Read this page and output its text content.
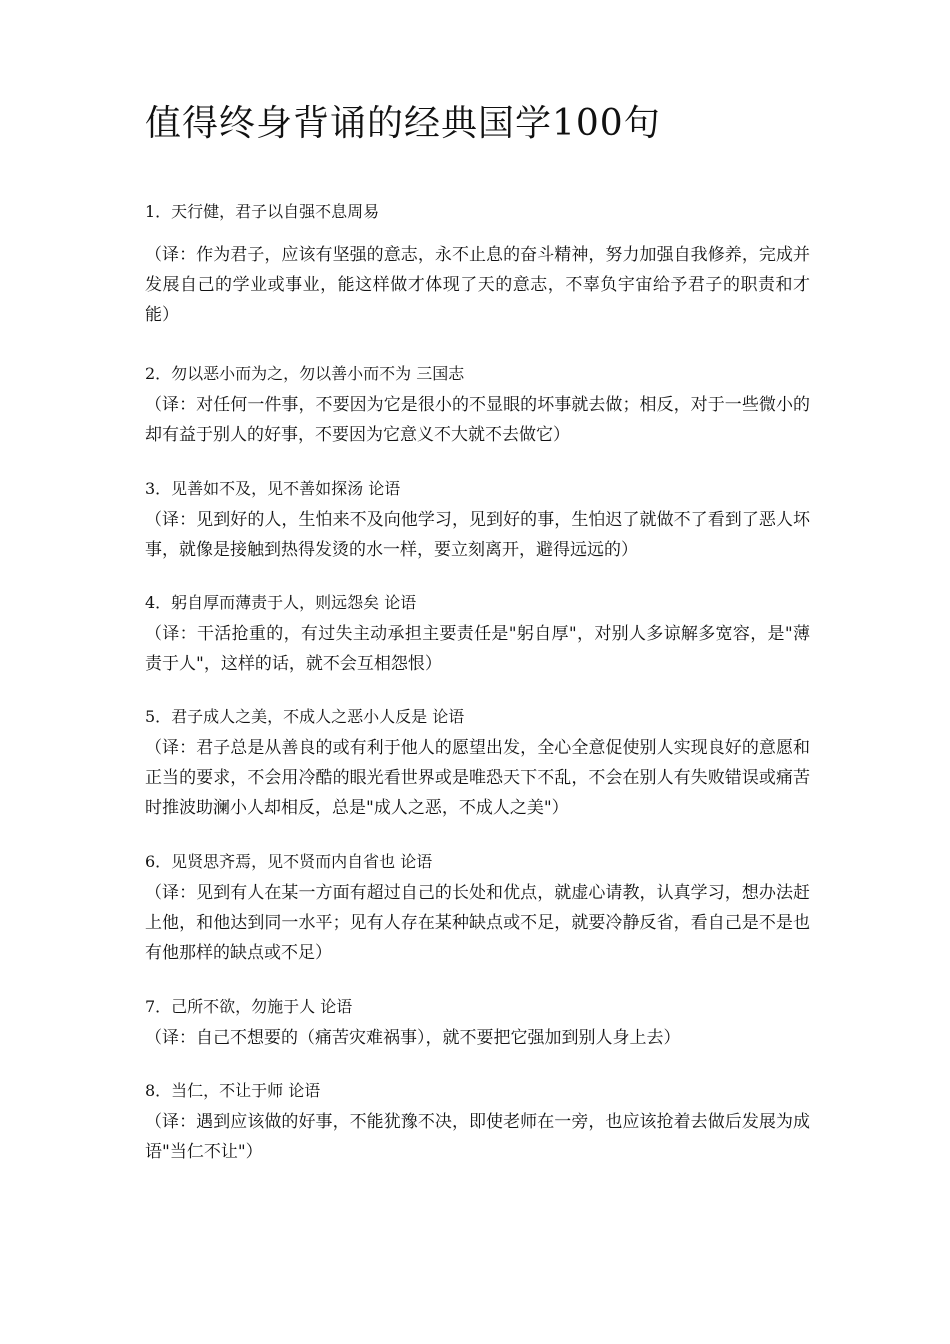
值得终身背诵的经典国学100句
1．天行健，君子以自强不息周易
（译：作为君子，应该有坚强的意志，永不止息的奋斗精神，努力加强自我修养，完成并发展自己的学业或事业，能这样做才体现了天的意志，不辜负宇宙给予君子的职责和才能）
2．勿以恶小而为之，勿以善小而不为 三国志
（译：对任何一件事，不要因为它是很小的不显眼的坏事就去做；相反，对于一些微小的却有益于别人的好事，不要因为它意义不大就不去做它）
3．见善如不及，见不善如探汤 论语
（译：见到好的人，生怕来不及向他学习，见到好的事，生怕迟了就做不了看到了恶人坏事，就像是接触到热得发烫的水一样，要立刻离开，避得远远的）
4．躬自厚而薄责于人，则远怨矣 论语
（译：干活抢重的，有过失主动承担主要责任是"躬自厚"，对别人多谅解多宽容，是"薄责于人"，这样的话，就不会互相怨恨）
5．君子成人之美，不成人之恶小人反是 论语
（译：君子总是从善良的或有利于他人的愿望出发，全心全意促使别人实现良好的意愿和正当的要求，不会用冷酷的眼光看世界或是唯恐天下不乱，不会在别人有失败错误或痛苦时推波助澜小人却相反，总是"成人之恶，不成人之美"）
6．见贤思齐焉，见不贤而内自省也 论语
（译：见到有人在某一方面有超过自己的长处和优点，就虚心请教，认真学习，想办法赶上他，和他达到同一水平；见有人存在某种缺点或不足，就要冷静反省，看自己是不是也有他那样的缺点或不足）
7．己所不欲，勿施于人 论语
（译：自己不想要的（痛苦灾难祸事），就不要把它强加到别人身上去）
8．当仁，不让于师 论语
（译：遇到应该做的好事，不能犹豫不决，即使老师在一旁，也应该抢着去做后发展为成语"当仁不让"）
